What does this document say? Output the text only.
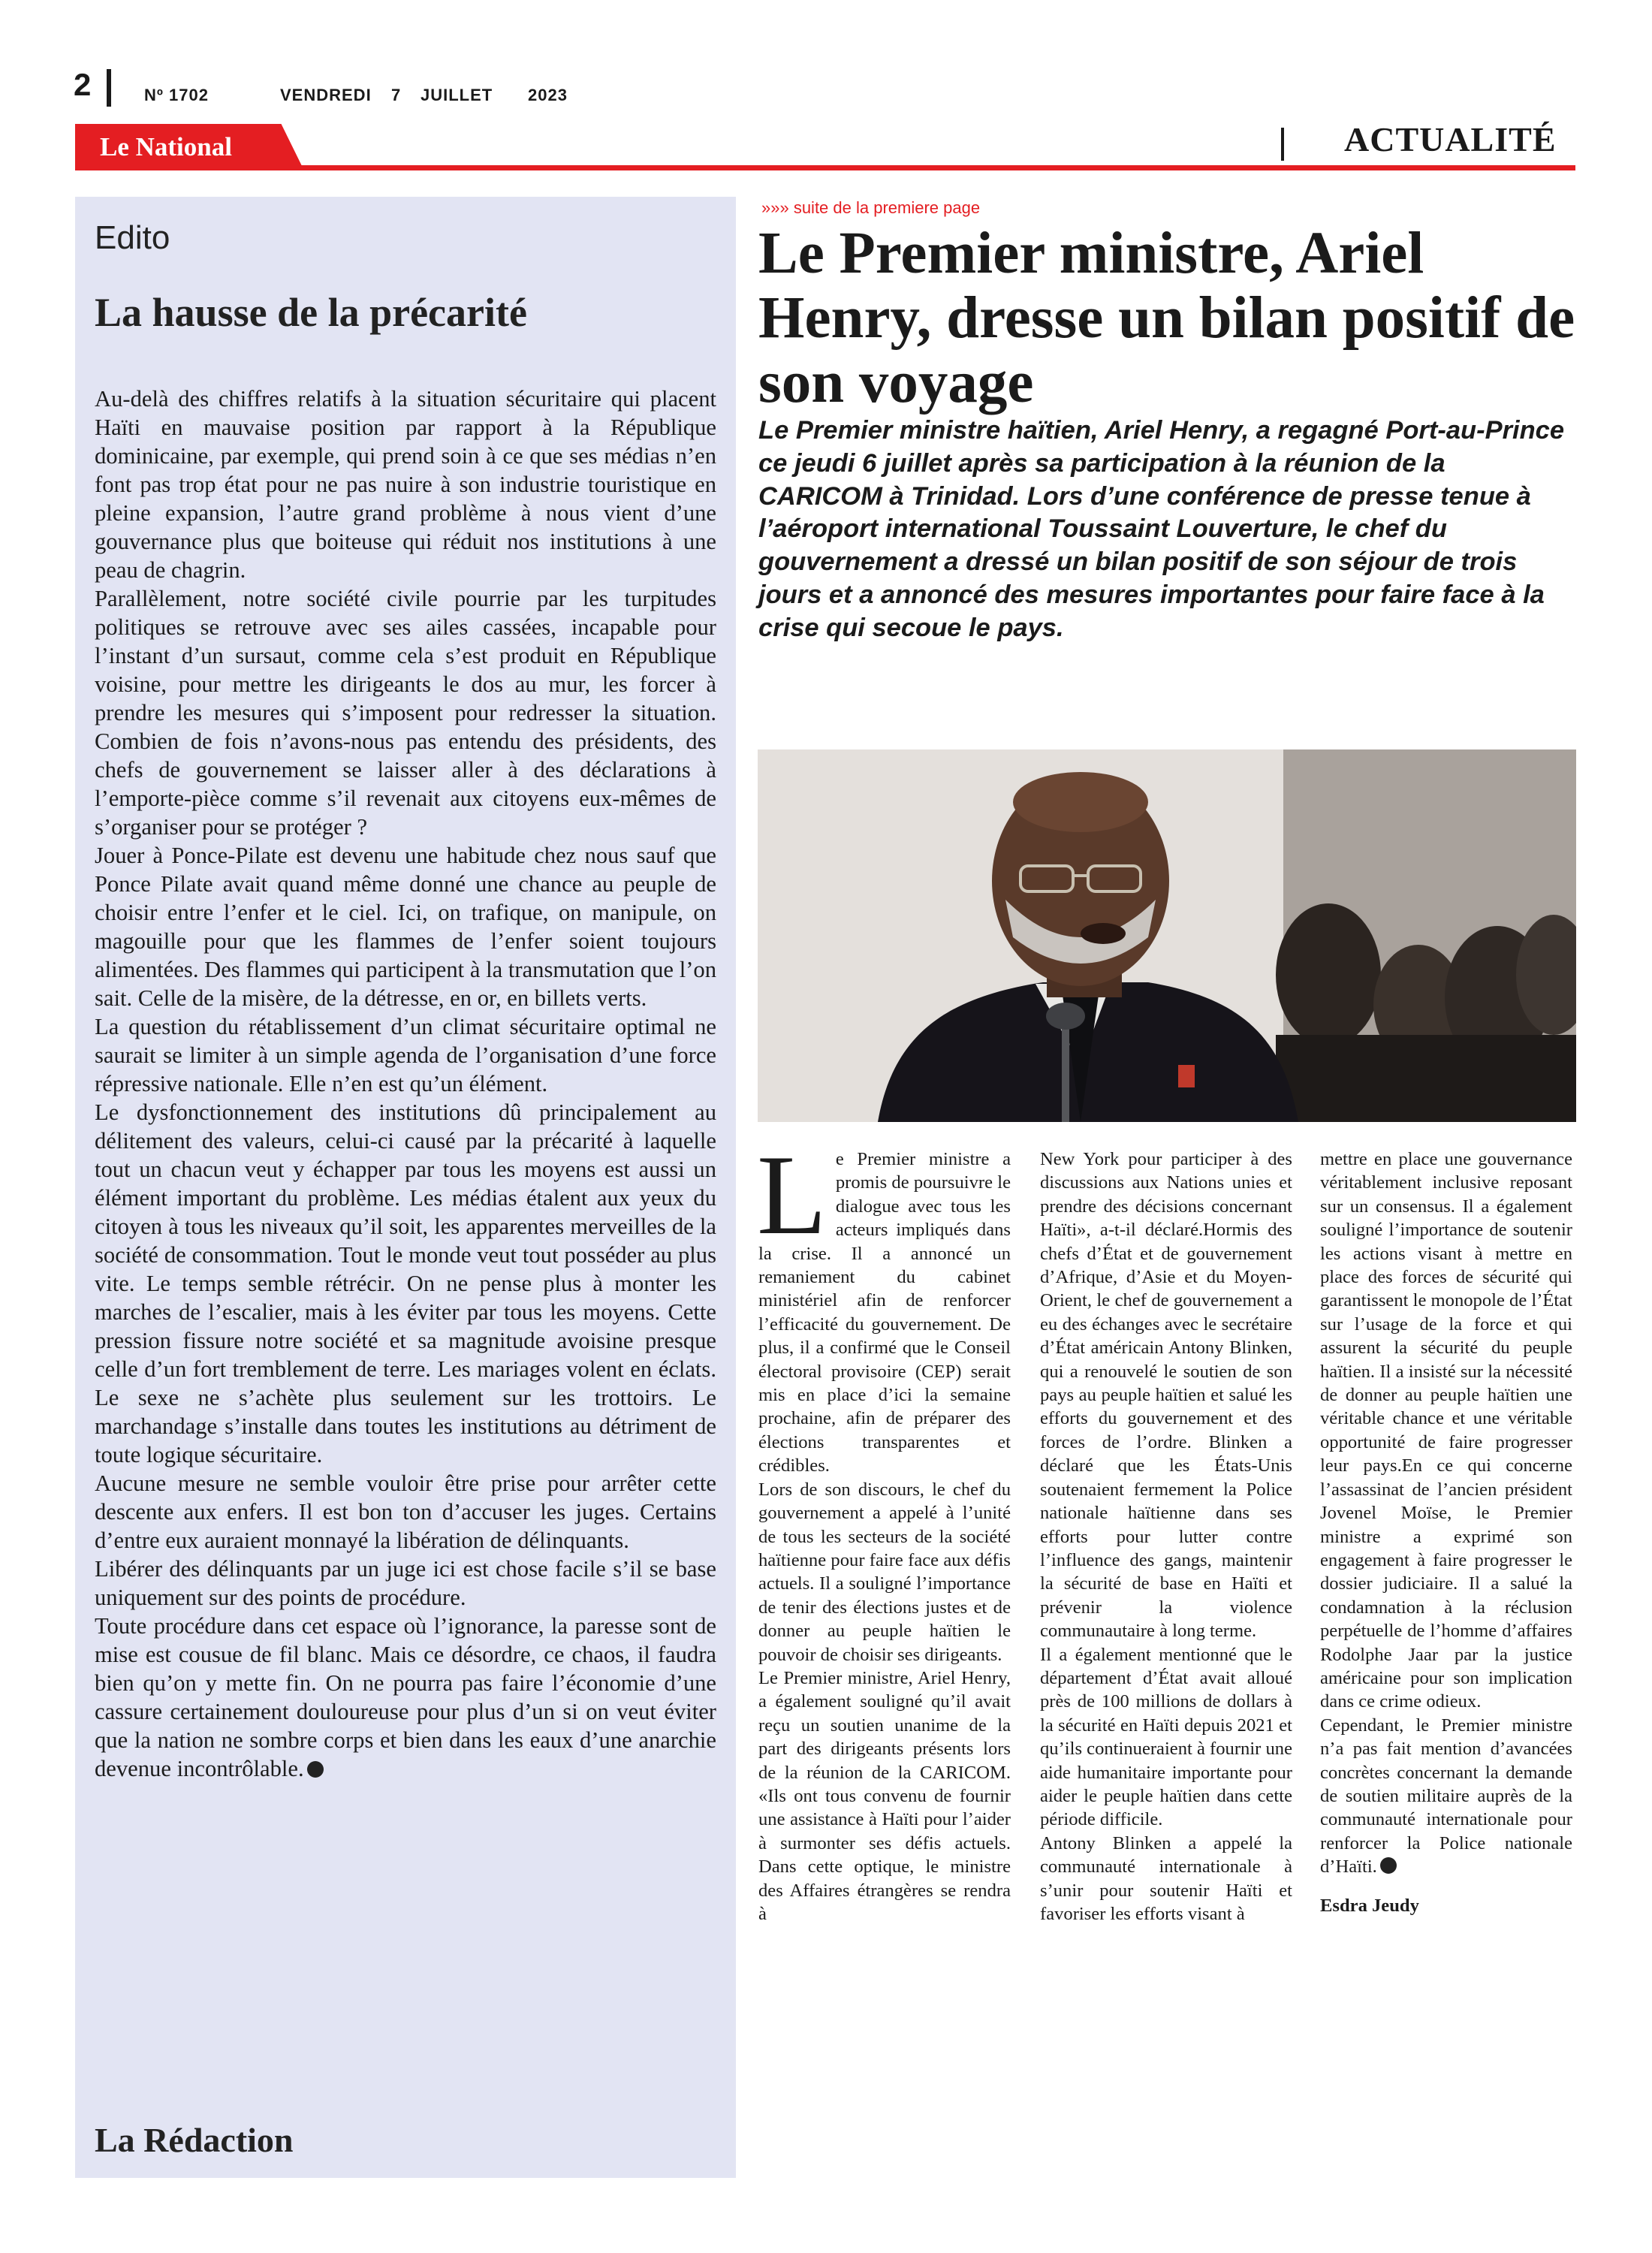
2	Nº 1702	VENDREDI 7 JUILLET 2023
Le National	ACTUALITÉ
Edito
La hausse de la précarité

Au-delà des chiffres relatifs à la situation sécuritaire qui placent Haïti en mauvaise position par rapport à la République dominicaine, par exemple, qui prend soin à ce que ses médias n’en font pas trop état pour ne pas nuire à son industrie touristique en pleine expansion, l’autre grand problème à nous vient d’une gouvernance plus que boiteuse qui réduit nos institutions à une peau de chagrin.

Parallèlement, notre société civile pourrie par les turpitudes politiques se retrouve avec ses ailes cassées, incapable pour l’instant d’un sursaut, comme cela s’est produit en République voisine, pour mettre les dirigeants le dos au mur, les forcer à prendre les mesures qui s’imposent pour redresser la situation. Combien de fois n’avons-nous pas entendu des présidents, des chefs de gouvernement se laisser aller à des déclarations à l’emporte-pièce comme s’il revenait aux citoyens eux-mêmes de s’organiser pour se protéger ?

Jouer à Ponce-Pilate est devenu une habitude chez nous sauf que Ponce Pilate avait quand même donné une chance au peuple de choisir entre l’enfer et le ciel. Ici, on trafique, on manipule, on magouille pour que les flammes de l’enfer soient toujours alimentées. Des flammes qui participent à la transmutation que l’on sait. Celle de la misère, de la détresse, en or, en billets verts.

La question du rétablissement d’un climat sécuritaire optimal ne saurait se limiter à un simple agenda de l’organisation d’une force répressive nationale. Elle n’en est qu’un élément.

Le dysfonctionnement des institutions dû principalement au délitement des valeurs, celui-ci causé par la précarité à laquelle tout un chacun veut y échapper par tous les moyens est aussi un élément important du problème. Les médias étalent aux yeux du citoyen à tous les niveaux qu’il soit, les apparentes merveilles de la société de consommation. Tout le monde veut tout posséder au plus vite. Le temps semble rétrécir. On ne pense plus à monter les marches de l’escalier, mais à les éviter par tous les moyens. Cette pression fissure notre société et sa magnitude avoisine presque celle d’un fort tremblement de terre. Les mariages volent en éclats. Le sexe ne s’achète plus seulement sur les trottoirs. Le marchandage s’installe dans toutes les institutions au détriment de toute logique sécuritaire.

Aucune mesure ne semble vouloir être prise pour arrêter cette descente aux enfers. Il est bon ton d’accuser les juges. Certains d’entre eux auraient monnayé la libération de délinquants.

Libérer des délinquants par un juge ici est chose facile s’il se base uniquement sur des points de procédure.

Toute procédure dans cet espace où l’ignorance, la paresse sont de mise est cousue de fil blanc. Mais ce désordre, ce chaos, il faudra bien qu’on y mette fin. On ne pourra pas faire l’économie d’une cassure certainement douloureuse pour plus d’un si on veut éviter que la nation ne sombre corps et bien dans les eaux d’une anarchie devenue incontrôlable.

La Rédaction
»»» suite de la premiere page
Le Premier ministre, Ariel Henry, dresse un bilan positif de son voyage

Le Premier ministre haïtien, Ariel Henry, a regagné Port-au-Prince ce jeudi 6 juillet après sa participation à la réunion de la CARICOM à Trinidad. Lors d’une conférence de presse tenue à l’aéroport international Toussaint Louverture, le chef du gouvernement a dressé un bilan positif de son séjour de trois jours et a annoncé des mesures importantes pour faire face à la crise qui secoue le pays.

L e Premier ministre a promis de poursuivre le dialogue avec tous les acteurs impliqués dans la crise. Il a annoncé un remaniement du cabinet ministériel afin de renforcer l’efficacité du gouvernement. De plus, il a confirmé que le Conseil électoral provisoire (CEP) serait mis en place d’ici la semaine prochaine, afin de préparer des élections transparentes et crédibles.

Lors de son discours, le chef du gouvernement a appelé à l’unité de tous les secteurs de la société haïtienne pour faire face aux défis actuels. Il a souligné l’importance de tenir des élections justes et de donner au peuple haïtien le pouvoir de choisir ses dirigeants.

Le Premier ministre, Ariel Henry, a également souligné qu’il avait reçu un soutien unanime de la part des dirigeants présents lors de la réunion de la CARICOM. «Ils ont tous convenu de fournir une assistance à Haïti pour l’aider à surmonter ses défis actuels. Dans cette optique, le ministre des Affaires étrangères se rendra à

New York pour participer à des discussions aux Nations unies et prendre des décisions concernant Haïti», a-t-il déclaré.Hormis des chefs d’État et de gouvernement d’Afrique, d’Asie et du Moyen-Orient, le chef de gouvernement a eu des échanges avec le secrétaire d’État américain Antony Blinken, qui a renouvelé le soutien de son pays au peuple haïtien et salué les efforts du gouvernement et des forces de l’ordre. Blinken a déclaré que les États-Unis soutenaient fermement la Police nationale haïtienne dans ses efforts pour lutter contre l’influence des gangs, maintenir la sécurité de base en Haïti et prévenir la violence communautaire à long terme.

Il a également mentionné que le département d’État avait alloué près de 100 millions de dollars à la sécurité en Haïti depuis 2021 et qu’ils continueraient à fournir une aide humanitaire importante pour aider le peuple haïtien dans cette période difficile.

Antony Blinken a appelé la communauté internationale à s’unir pour soutenir Haïti et favoriser les efforts visant à

mettre en place une gouvernance véritablement inclusive reposant sur un consensus. Il a également souligné l’importance de soutenir les actions visant à mettre en place des forces de sécurité qui garantissent le monopole de l’État sur l’usage de la force et qui assurent la sécurité du peuple haïtien. Il a insisté sur la nécessité de donner au peuple haïtien une véritable chance et une véritable opportunité de faire progresser leur pays.En ce qui concerne l’assassinat de l’ancien président Jovenel Moïse, le Premier ministre a exprimé son engagement à faire progresser le dossier judiciaire. Il a salué la condamnation à la réclusion perpétuelle de l’homme d’affaires Rodolphe Jaar par la justice américaine pour son implication dans ce crime odieux.

Cependant, le Premier ministre n’a pas fait mention d’avancées concrètes concernant la demande de soutien militaire auprès de la communauté internationale pour renforcer la Police nationale d’Haïti.

Esdra Jeudy
